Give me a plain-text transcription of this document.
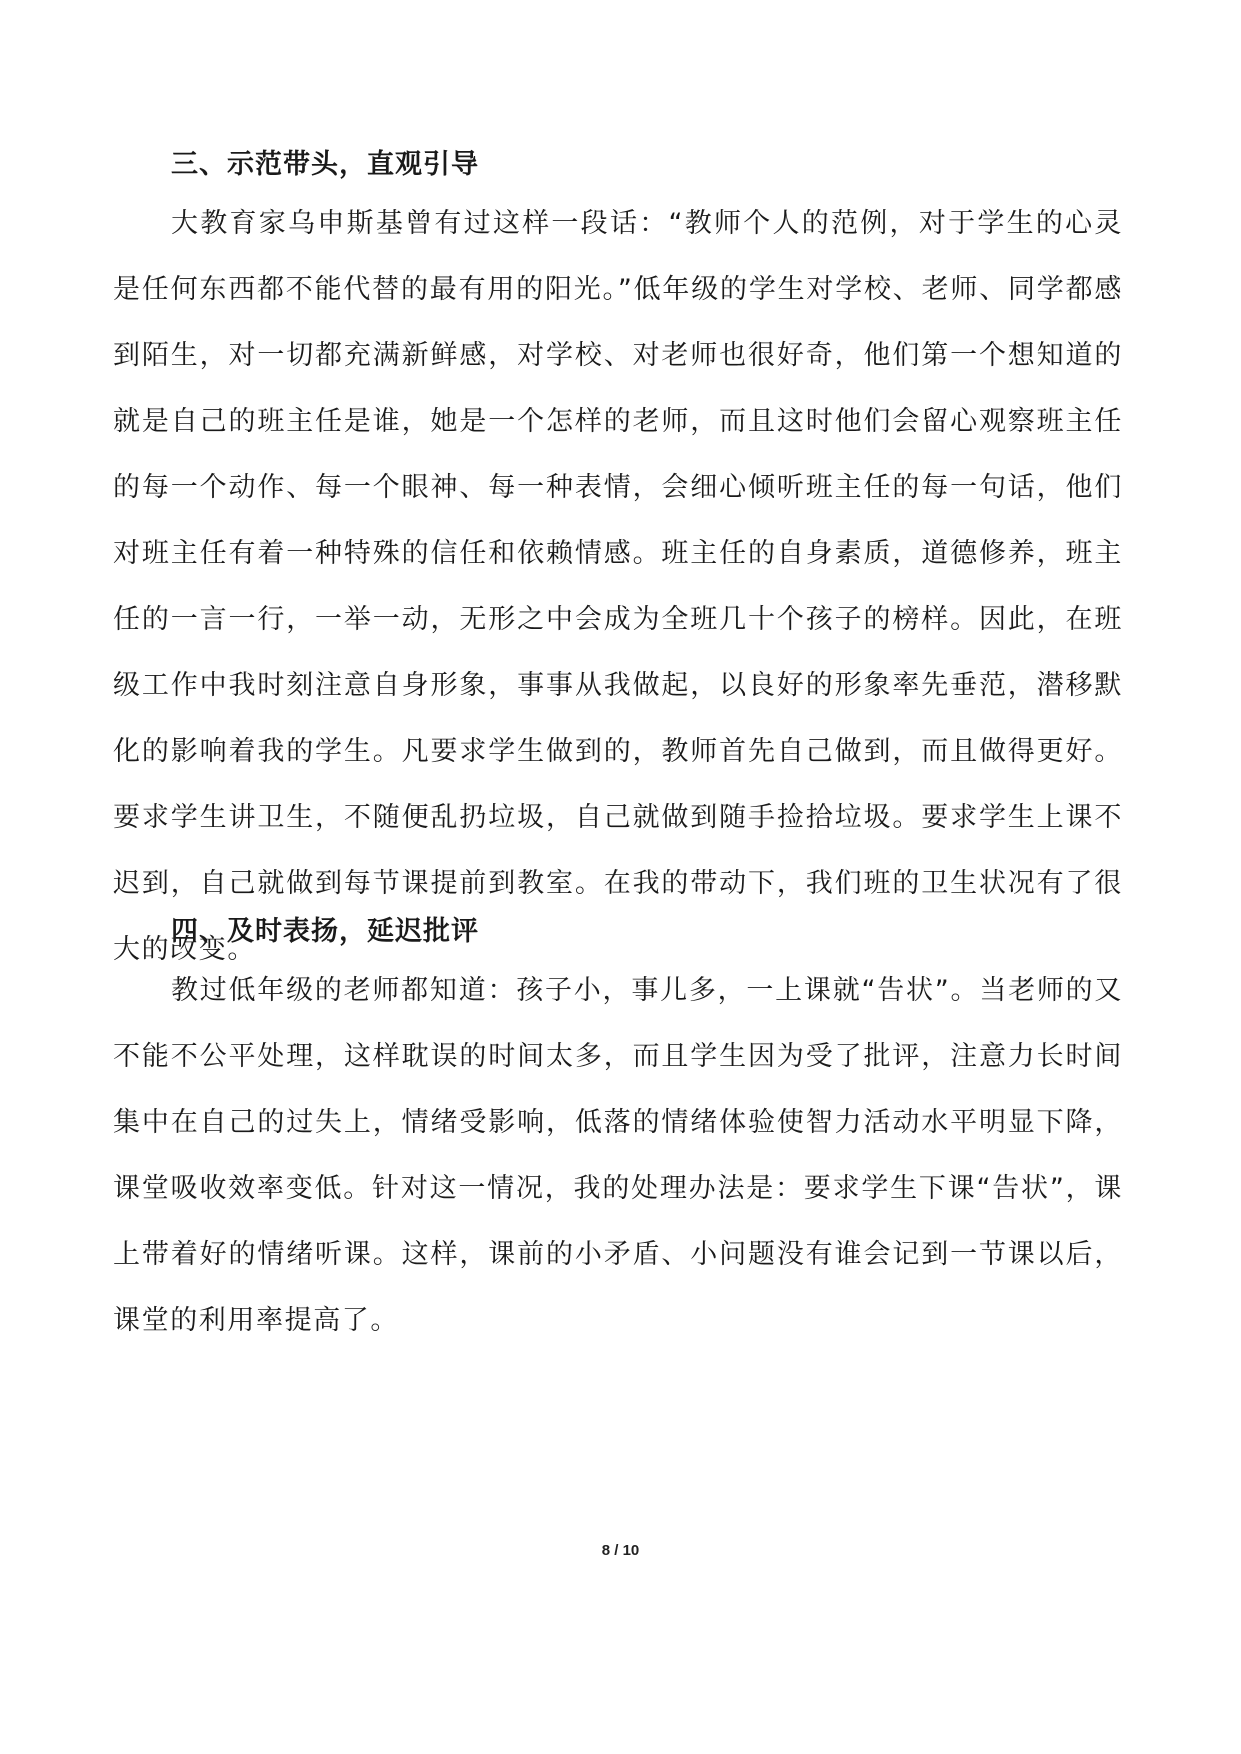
三、示范带头，直观引导

大教育家乌申斯基曾有过这样一段话：“教师个人的范例，对于学生的心灵是任何东西都不能代替的最有用的阳光。”低年级的学生对学校、老师、同学都感到陌生，对一切都充满新鲜感，对学校、对老师也很好奇，他们第一个想知道的就是自己的班主任是谁，她是一个怎样的老师，而且这时他们会留心观察班主任的每一个动作、每一个眼神、每一种表情，会细心倾听班主任的每一句话，他们对班主任有着一种特殊的信任和依赖情感。班主任的自身素质，道德修养，班主任的一言一行，一举一动，无形之中会成为全班几十个孩子的榜样。因此，在班级工作中我时刻注意自身形象，事事从我做起，以良好的形象率先垂范，潜移默化的影响着我的学生。凡要求学生做到的，教师首先自己做到，而且做得更好。要求学生讲卫生，不随便乱扔垃圾，自己就做到随手捡拾垃圾。要求学生上课不迟到，自己就做到每节课提前到教室。在我的带动下，我们班的卫生状况有了很大的改变。

四、及时表扬，延迟批评

教过低年级的老师都知道：孩子小，事儿多，一上课就“告状”。当老师的又不能不公平处理，这样耽误的时间太多，而且学生因为受了批评，注意力长时间集中在自己的过失上，情绪受影响，低落的情绪体验使智力活动水平明显下降，课堂吸收效率变低。针对这一情况，我的处理办法是：要求学生下课“告状”，课上带着好的情绪听课。这样，课前的小矛盾、小问题没有谁会记到一节课以后，课堂的利用率提高了。

8 / 10
